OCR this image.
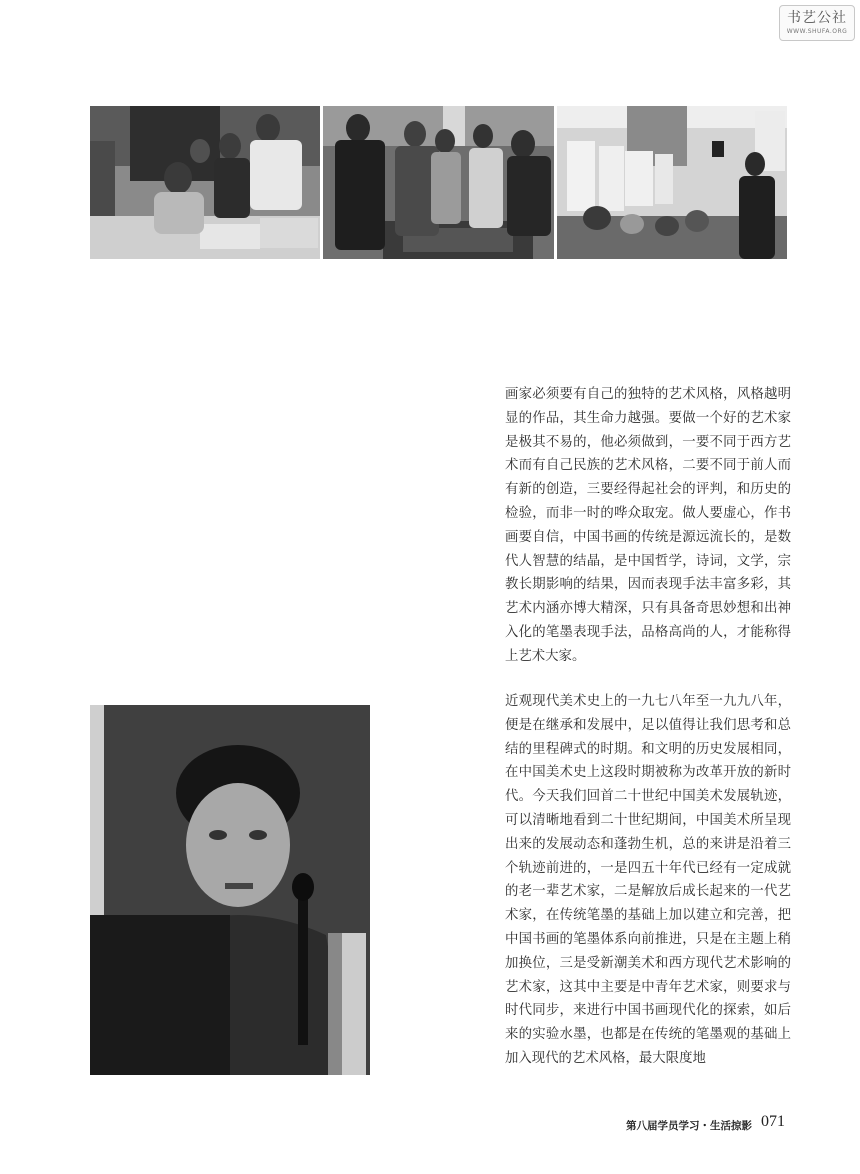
书艺公社
WWW.SHUFA.ORG

画家必须要有自己的独特的艺术风格，风格越明显的作品，其生命力越强。要做一个好的艺术家是极其不易的，他必须做到，一要不同于西方艺术而有自己民族的艺术风格，二要不同于前人而有新的创造，三要经得起社会的评判，和历史的检验，而非一时的哗众取宠。做人要虚心，作书画要自信，中国书画的传统是源远流长的，是数代人智慧的结晶，是中国哲学，诗词，文学，宗教长期影响的结果，因而表现手法丰富多彩，其艺术内涵亦博大精深，只有具备奇思妙想和出神入化的笔墨表现手法，品格高尚的人，才能称得上艺术大家。

近观现代美术史上的一九七八年至一九九八年，便是在继承和发展中，足以值得让我们思考和总结的里程碑式的时期。和文明的历史发展相同，在中国美术史上这段时期被称为改革开放的新时代。今天我们回首二十世纪中国美术发展轨迹，可以清晰地看到二十世纪期间，中国美术所呈现出来的发展动态和蓬勃生机，总的来讲是沿着三个轨迹前进的，一是四五十年代已经有一定成就的老一辈艺术家，二是解放后成长起来的一代艺术家，在传统笔墨的基础上加以建立和完善，把中国书画的笔墨体系向前推进，只是在主题上稍加换位，三是受新潮美术和西方现代艺术影响的艺术家，这其中主要是中青年艺术家，则要求与时代同步，来进行中国书画现代化的探索，如后来的实验水墨，也都是在传统的笔墨观的基础上加入现代的艺术风格，最大限度地

第八届学员学习・生活掠影 071
